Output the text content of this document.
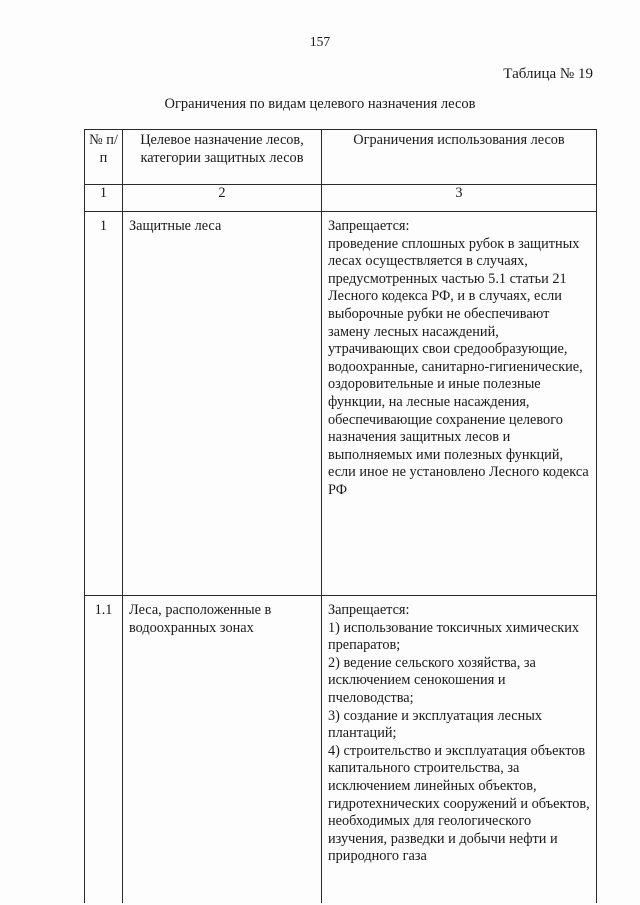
157
Таблица № 19
Ограничения по видам целевого назначения лесов
№ п/п	Целевое назначение лесов, категории защитных лесов	Ограничения использования лесов
1	2	3
1	Защитные леса	Запрещается:
проведение сплошных рубок в защитных лесах осуществляется в случаях, предусмотренных частью 5.1 статьи 21 Лесного кодекса РФ, и в случаях, если выборочные рубки не обеспечивают замену лесных насаждений, утрачивающих свои средообразующие, водоохранные, санитарно-гигиенические, оздоровительные и иные полезные функции, на лесные насаждения, обеспечивающие сохранение целевого назначения защитных лесов и выполняемых ими полезных функций, если иное не установлено Лесного кодекса РФ

1.1	Леса, расположенные в водоохранных зонах	Запрещается:
1) использование токсичных химических препаратов;
2) ведение сельского хозяйства, за исключением сенокошения и пчеловодства;
3) создание и эксплуатация лесных плантаций;
4) строительство и эксплуатация объектов капитального строительства, за исключением линейных объектов, гидротехнических сооружений и объектов, необходимых для геологического изучения, разведки и добычи нефти и природного газа
